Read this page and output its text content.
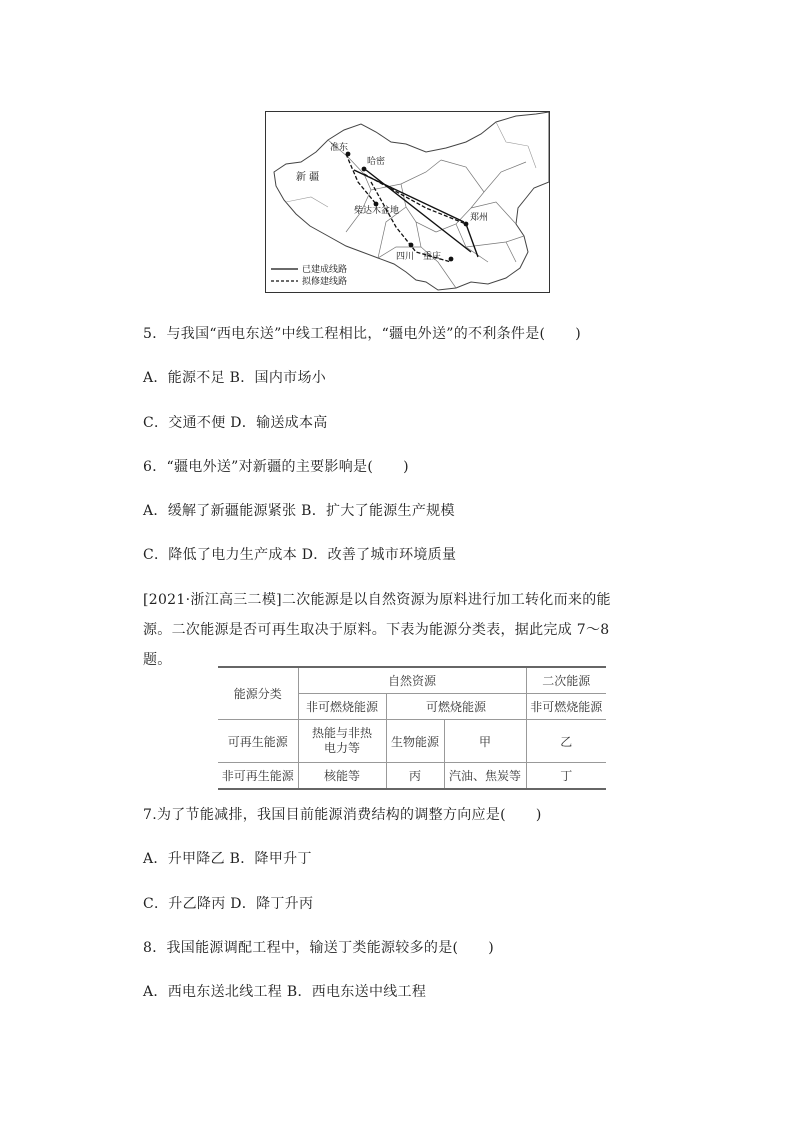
准东
哈密
新 疆
柴达木盆地
郑州
四川 重庆
已建成线路
拟修建线路
5．与我国“西电东送”中线工程相比，“疆电外送”的不利条件是( )
A．能源不足 B．国内市场小
C．交通不便 D．输送成本高
6．“疆电外送”对新疆的主要影响是( )
A．缓解了新疆能源紧张 B．扩大了能源生产规模
C．降低了电力生产成本 D．改善了城市环境质量
[2021·浙江高三二模]二次能源是以自然资源为原料进行加工转化而来的能源。二次能源是否可再生取决于原料。下表为能源分类表，据此完成 7～8 题。
能源分类	自然资源			二次能源
	非可燃烧能源	可燃烧能源		非可燃烧能源
可再生能源	热能与非热电力等	生物能源	甲	乙
非可再生能源	核能等	丙	汽油、焦炭等	丁
7.为了节能减排，我国目前能源消费结构的调整方向应是( )
A．升甲降乙 B．降甲升丁
C．升乙降丙 D．降丁升丙
8．我国能源调配工程中，输送丁类能源较多的是( )
A．西电东送北线工程 B．西电东送中线工程
